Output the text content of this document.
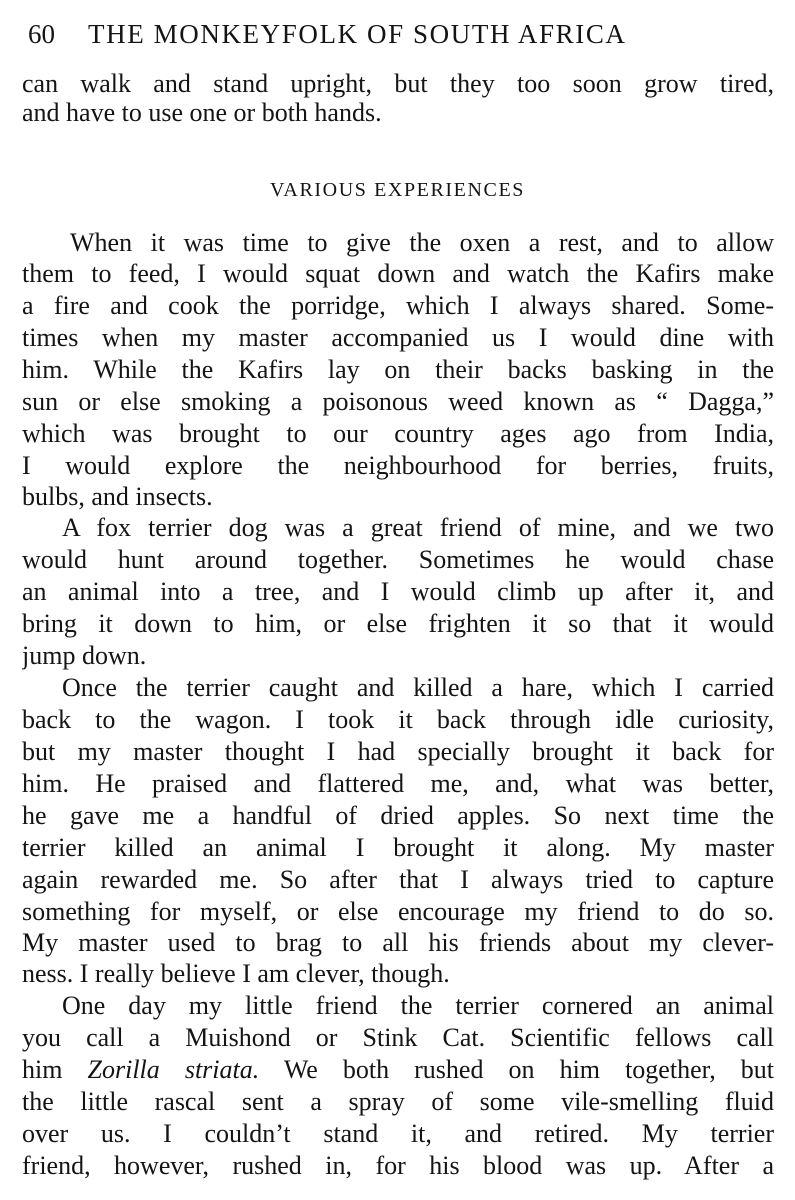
60 THE MONKEYFOLK OF SOUTH AFRICA
can walk and stand upright, but they too soon grow tired,
and have to use one or both hands.
VARIOUS EXPERIENCES
When it was time to give the oxen a rest, and to allow
them to feed, I would squat down and watch the Kafirs make
a fire and cook the porridge, which I always shared. Some-
times when my master accompanied us I would dine with
him. While the Kafirs lay on their backs basking in the
sun or else smoking a poisonous weed known as “ Dagga,”
which was brought to our country ages ago from India,
I would explore the neighbourhood for berries, fruits,
bulbs, and insects.
A fox terrier dog was a great friend of mine, and we two
would hunt around together. Sometimes he would chase
an animal into a tree, and I would climb up after it, and
bring it down to him, or else frighten it so that it would
jump down.
Once the terrier caught and killed a hare, which I carried
back to the wagon. I took it back through idle curiosity,
but my master thought I had specially brought it back for
him. He praised and flattered me, and, what was better,
he gave me a handful of dried apples. So next time the
terrier killed an animal I brought it along. My master
again rewarded me. So after that I always tried to capture
something for myself, or else encourage my friend to do so.
My master used to brag to all his friends about my clever-
ness. I really believe I am clever, though.
One day my little friend the terrier cornered an animal
you call a Muishond or Stink Cat. Scientific fellows call
him Zorilla striata. We both rushed on him together, but
the little rascal sent a spray of some vile-smelling fluid
over us. I couldn’t stand it, and retired. My terrier
friend, however, rushed in, for his blood was up. After a
